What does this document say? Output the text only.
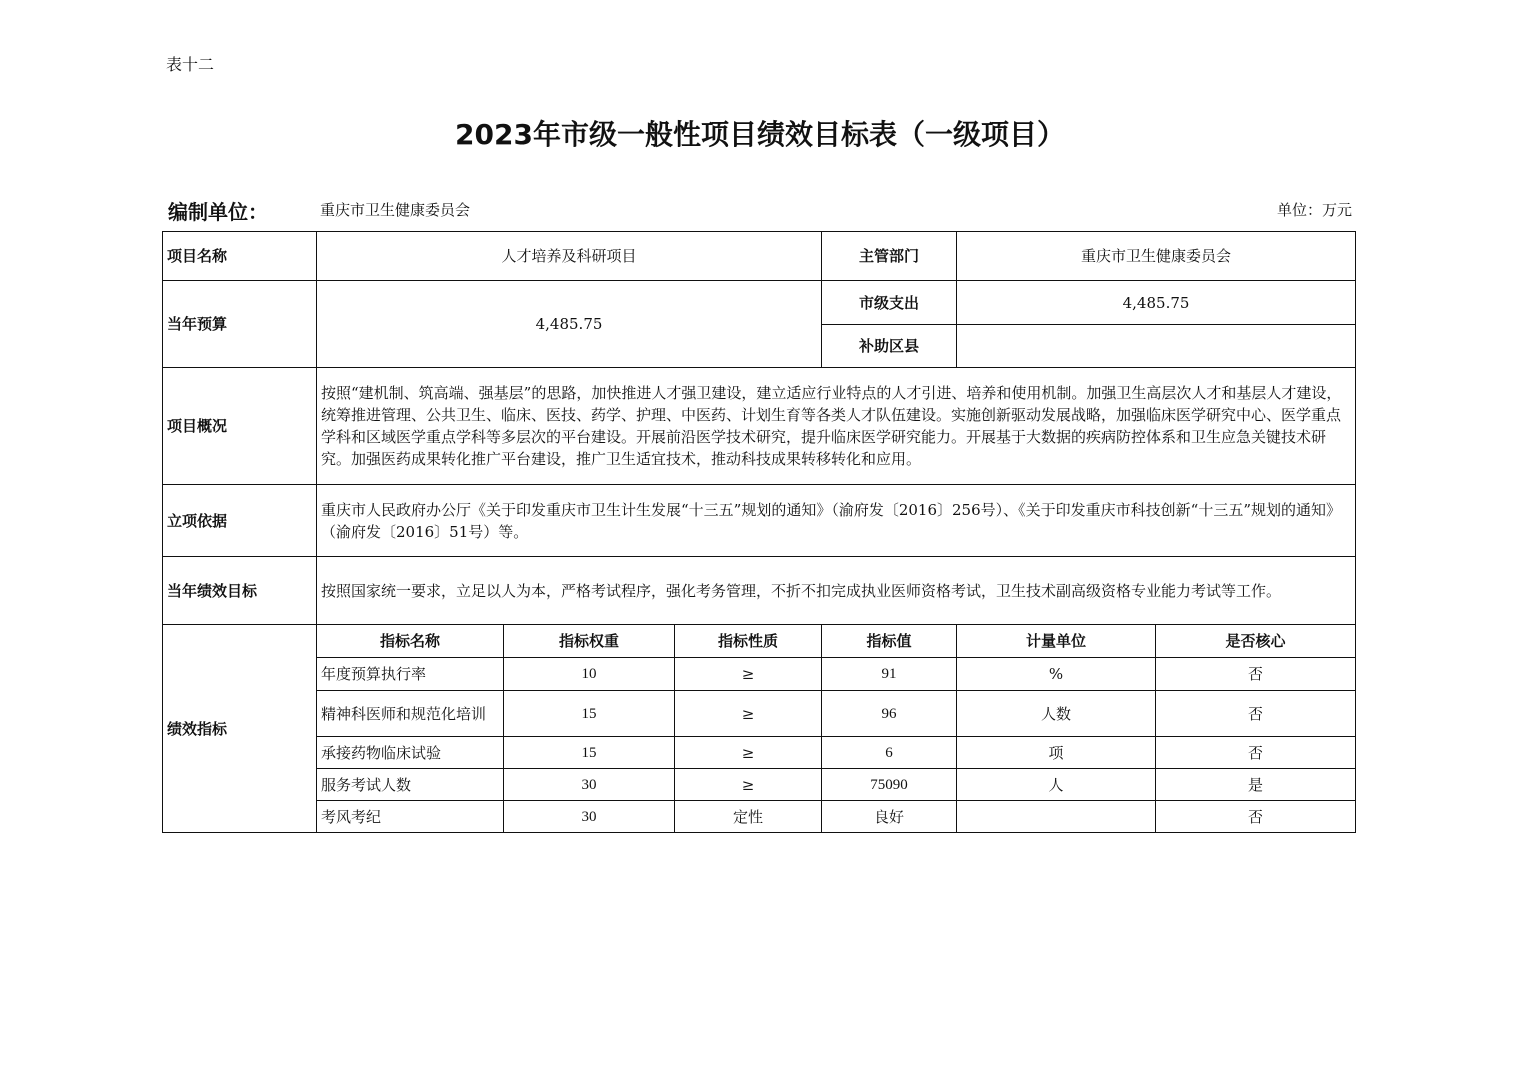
表十二
2023年市级一般性项目绩效目标表（一级项目）
编制单位：	重庆市卫生健康委员会	单位：万元
项目名称	人才培养及科研项目			主管部门	重庆市卫生健康委员会	
当年预算	4,485.75			市级支出	4,485.75	
				补助区县		
项目概况	按照“建机制、筑高端、强基层”的思路，加快推进人才强卫建设，建立适应行业特点的人才引进、培养和使用机制。加强卫生高层次人才和基层人才建设，统筹推进管理、公共卫生、临床、医技、药学、护理、中医药、计划生育等各类人才队伍建设。实施创新驱动发展战略，加强临床医学研究中心、医学重点学科和区域医学重点学科等多层次的平台建设。开展前沿医学技术研究，提升临床医学研究能力。开展基于大数据的疾病防控体系和卫生应急关键技术研究。加强医药成果转化推广平台建设，推广卫生适宜技术，推动科技成果转移转化和应用。					
立项依据	重庆市人民政府办公厅《关于印发重庆市卫生计生发展“十三五”规划的通知》（渝府发〔2016〕256号）、《关于印发重庆市科技创新“十三五”规划的通知》（渝府发〔2016〕51号）等。					
当年绩效目标	按照国家统一要求，立足以人为本，严格考试程序，强化考务管理，不折不扣完成执业医师资格考试，卫生技术副高级资格专业能力考试等工作。					
绩效指标	指标名称	指标权重	指标性质	指标值	计量单位	是否核心
	年度预算执行率	10	≥	91	%	否
	精神科医师和规范化培训	15	≥	96	人数	否
	承接药物临床试验	15	≥	6	项	否
	服务考试人数	30	≥	75090	人	是
	考风考纪	30	定性	良好		否
